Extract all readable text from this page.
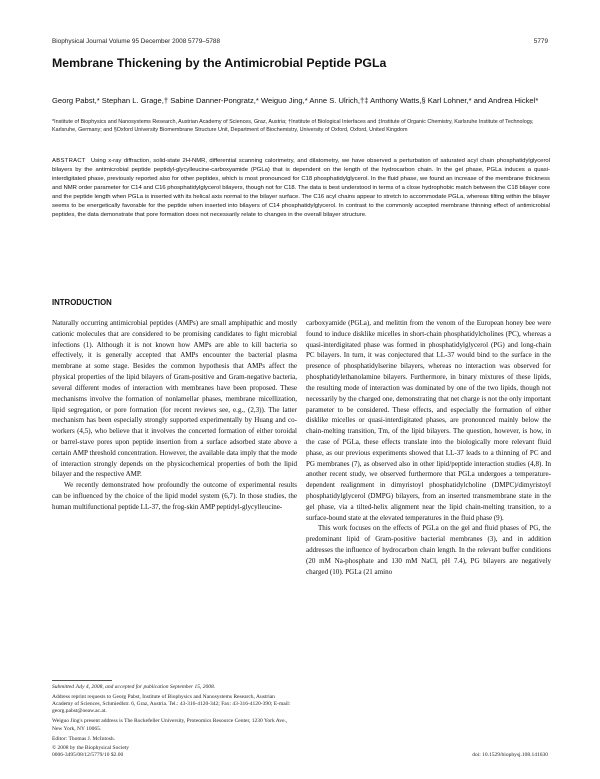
Biophysical Journal Volume 95 December 2008 5779–5788	5779
Membrane Thickening by the Antimicrobial Peptide PGLa
Georg Pabst,* Stephan L. Grage,† Sabine Danner-Pongratz,* Weiguo Jing,* Anne S. Ulrich,†‡ Anthony Watts,§ Karl Lohner,* and Andrea Hickel*
*Institute of Biophysics and Nanosystems Research, Austrian Academy of Sciences, Graz, Austria; †Institute of Biological Interfaces and ‡Institute of Organic Chemistry, Karlsruhe Institute of Technology, Karlsruhe, Germany; and §Oxford University Biomembrane Structure Unit, Department of Biochemistry, University of Oxford, Oxford, United Kingdom
ABSTRACT Using x-ray diffraction, solid-state 2H-NMR, differential scanning calorimetry, and dilatometry, we have observed a perturbation of saturated acyl chain phosphatidylglycerol bilayers by the antimicrobial peptide peptidyl-glycylleucine-carboxyamide (PGLa) that is dependent on the length of the hydrocarbon chain. In the gel phase, PGLa induces a quasi-interdigitated phase, previously reported also for other peptides, which is most pronounced for C18 phosphatidylglycerol. In the fluid phase, we found an increase of the membrane thickness and NMR order parameter for C14 and C16 phosphatidylglycerol bilayers, though not for C18. The data is best understood in terms of a close hydrophobic match between the C18 bilayer core and the peptide length when PGLa is inserted with its helical axis normal to the bilayer surface. The C16 acyl chains appear to stretch to accommodate PGLa, whereas tilting within the bilayer seems to be energetically favorable for the peptide when inserted into bilayers of C14 phosphatidylglycerol. In contrast to the commonly accepted membrane thinning effect of antimicrobial peptides, the data demonstrate that pore formation does not necessarily relate to changes in the overall bilayer structure.
INTRODUCTION

Naturally occurring antimicrobial peptides (AMPs) are small amphipathic and mostly cationic molecules that are considered to be promising candidates to fight microbial infections (1). Although it is not known how AMPs are able to kill bacteria so effectively, it is generally accepted that AMPs encounter the bacterial plasma membrane at some stage. Besides the common hypothesis that AMPs affect the physical properties of the lipid bilayers of Gram-positive and Gram-negative bacteria, several different modes of interaction with membranes have been proposed. These mechanisms involve the formation of nonlamellar phases, membrane micellization, lipid segregation, or pore formation (for recent reviews see, e.g., (2,3)). The latter mechanism has been especially strongly supported experimentally by Huang and co-workers (4,5), who believe that it involves the concerted formation of either toroidal or barrel-stave pores upon peptide insertion from a surface adsorbed state above a certain AMP threshold concentration. However, the available data imply that the mode of interaction strongly depends on the physicochemical properties of both the lipid bilayer and the respective AMP.

We recently demonstrated how profoundly the outcome of experimental results can be influenced by the choice of the lipid model system (6,7). In those studies, the human multifunctional peptide LL-37, the frog-skin AMP peptidyl-glycylleucine-

carboxyamide (PGLa), and melittin from the venom of the European honey bee were found to induce disklike micelles in short-chain phosphatidylcholines (PC), whereas a quasi-interdigitated phase was formed in phosphatidylglycerol (PG) and long-chain PC bilayers. In turn, it was conjectured that LL-37 would bind to the surface in the presence of phosphatidylserine bilayers, whereas no interaction was observed for phosphatidylethanolamine bilayers. Furthermore, in binary mixtures of these lipids, the resulting mode of interaction was dominated by one of the two lipids, though not necessarily by the charged one, demonstrating that net charge is not the only important parameter to be considered. These effects, and especially the formation of either disklike micelles or quasi-interdigitated phases, are pronounced mainly below the chain-melting transition, Tm, of the lipid bilayers. The question, however, is how, in the case of PGLa, these effects translate into the biologically more relevant fluid phase, as our previous experiments showed that LL-37 leads to a thinning of PC and PG membranes (7), as observed also in other lipid/peptide interaction studies (4,8). In another recent study, we observed furthermore that PGLa undergoes a temperature-dependent realignment in dimyristoyl phosphatidylcholine (DMPC)/dimyristoyl phosphatidylglycerol (DMPG) bilayers, from an inserted transmembrane state in the gel phase, via a tilted-helix alignment near the lipid chain-melting transition, to a surface-bound state at the elevated temperatures in the fluid phase (9).

This work focuses on the effects of PGLa on the gel and fluid phases of PG, the predominant lipid of Gram-positive bacterial membranes (3), and in addition addresses the influence of hydrocarbon chain length. In the relevant buffer conditions (20 mM Na-phosphate and 130 mM NaCl, pH 7.4), PG bilayers are negatively charged (10). PGLa (21 amino

Submitted July 4, 2008, and accepted for publication September 15, 2008.
Address reprint requests to Georg Pabst, Institute of Biophysics and Nanosystems Research, Austrian Academy of Sciences, Schmiedlstr. 6, Graz, Austria. Tel.: 43-316-4120-342; Fax: 43-316-4120-390; E-mail: georg.pabst@oeaw.ac.at.
Weiguo Jing's present address is The Rockefeller University, Proteomics Resource Center, 1230 York Ave., New York, NY 10065.
Editor: Thomas J. McIntosh.
© 2008 by the Biophysical Society
0006-3495/08/12/5779/10 $2.00	doi: 10.1529/biophysj.108.141630
